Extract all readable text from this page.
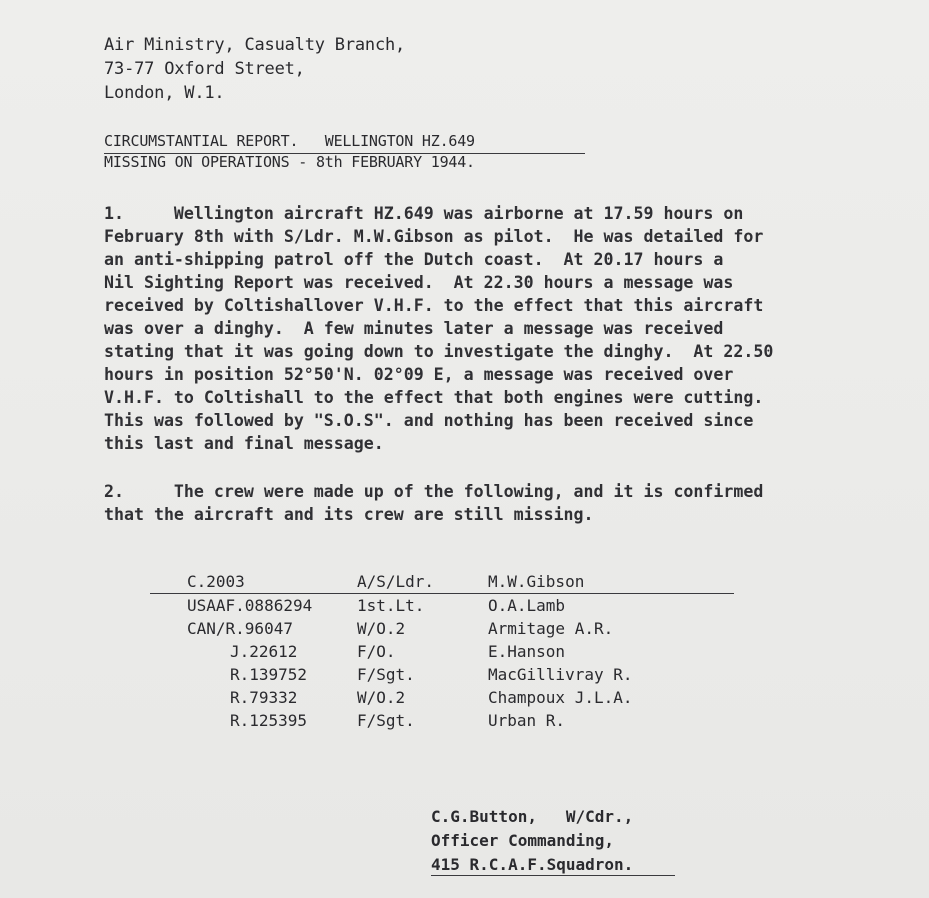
Air Ministry, Casualty Branch,
73-77 Oxford Street,
London, W.1.
CIRCUMSTANTIAL REPORT.   WELLINGTON HZ.649
MISSING ON OPERATIONS - 8th FEBRUARY 1944.
1.     Wellington aircraft HZ.649 was airborne at 17.59 hours on
February 8th with S/Ldr. M.W.Gibson as pilot.  He was detailed for
an anti-shipping patrol off the Dutch coast.  At 20.17 hours a
Nil Sighting Report was received.  At 22.30 hours a message was
received by Coltishallover V.H.F. to the effect that this aircraft
was over a dinghy.  A few minutes later a message was received
stating that it was going down to investigate the dinghy.  At 22.50
hours in position 52°50'N. 02°09 E, a message was received over
V.H.F. to Coltishall to the effect that both engines were cutting.
This was followed by "S.O.S". and nothing has been received since
this last and final message.
2.     The crew were made up of the following, and it is confirmed
that the aircraft and its crew are still missing.
C.2003	A/S/Ldr.	M.W.Gibson
USAAF.0886294	1st.Lt.	O.A.Lamb
CAN/R.96047	W/O.2	Armitage A.R.
J.22612	F/O.	E.Hanson
R.139752	F/Sgt.	MacGillivray R.
R.79332	W/O.2	Champoux J.L.A.
R.125395	F/Sgt.	Urban R.
C.G.Button,   W/Cdr.,
Officer Commanding,
415 R.C.A.F.Squadron.
